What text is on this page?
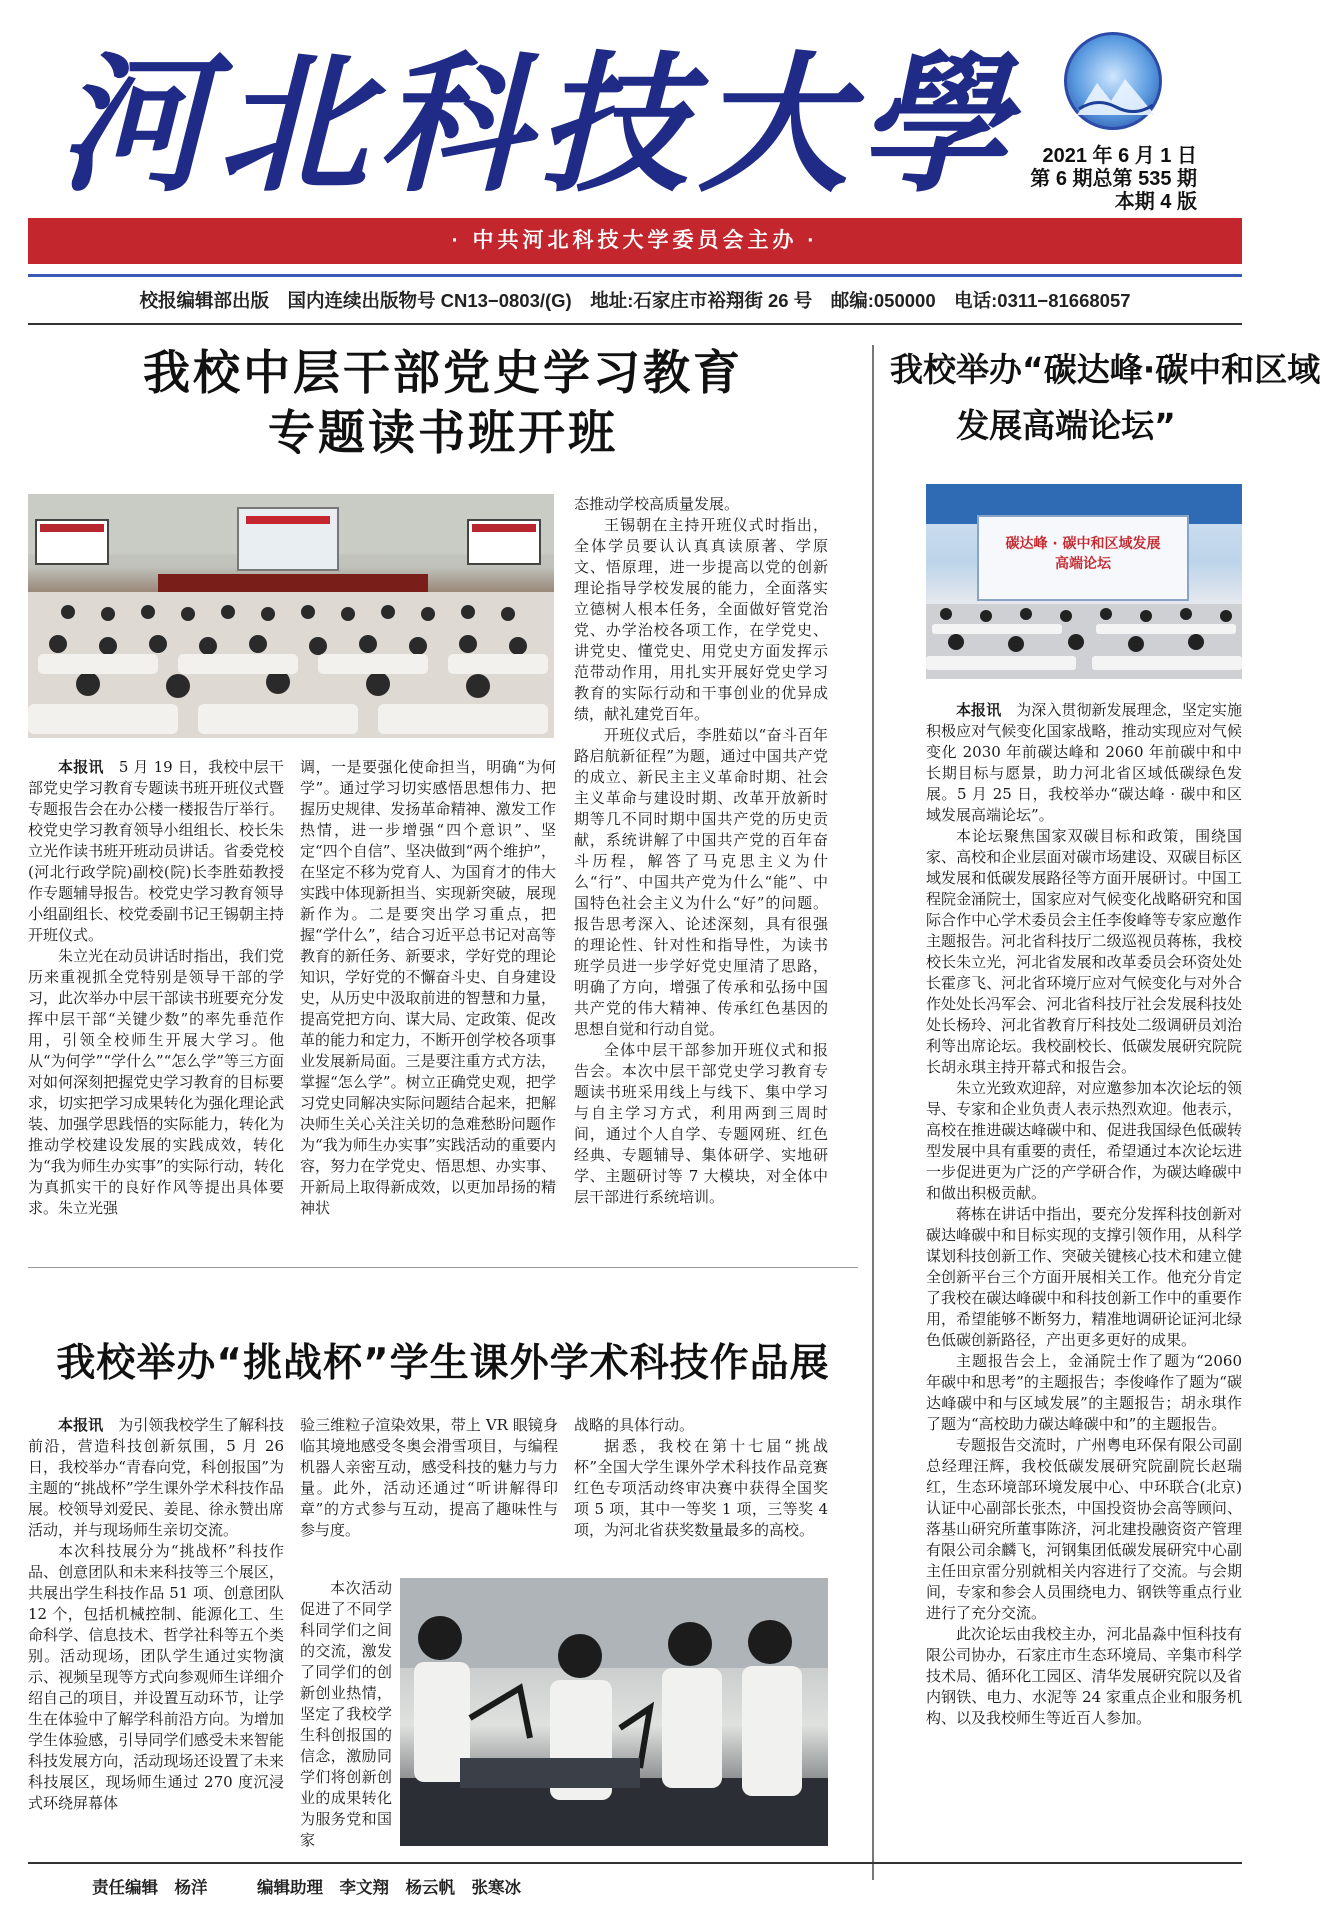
河北科技大學 2021 年 6 月 1 日
第 6 期总第 535 期
本期 4 版
· 中共河北科技大学委员会主办 ·
校报编辑部出版　国内连续出版物号 CN13−0803/(G)　地址:石家庄市裕翔街 26 号　邮编:050000　电话:0311−81668057
我校中层干部党史学习教育
专题读书班开班
本报讯　 5 月 19 日，我校中层干部党史学习教育专题读书班开班仪式暨专题报告会在办公楼一楼报告厅举行。校党史学习教育领导小组组长、校长朱立光作读书班开班动员讲话。省委党校(河北行政学院)副校(院)长李胜茹教授作专题辅导报告。校党史学习教育领导小组副组长、校党委副书记王锡朝主持开班仪式。
朱立光在动员讲话时指出，我们党历来重视抓全党特别是领导干部的学习，此次举办中层干部读书班要充分发挥中层干部“关键少数”的率先垂范作用，引领全校师生开展大学习。他从“为何学”“学什么”“怎么学”等三方面对如何深刻把握党史学习教育的目标要求，切实把学习成果转化为强化理论武装、加强学思践悟的实际能力，转化为推动学校建设发展的实践成效，转化为“我为师生办实事”的实际行动，转化为真抓实干的良好作风等提出具体要求。朱立光强
调，一是要强化使命担当，明确“为何学”。通过学习切实感悟思想伟力、把握历史规律、发扬革命精神、激发工作热情，进一步增强“四个意识”、坚定“四个自信”、坚决做到“两个维护”，在坚定不移为党育人、为国育才的伟大实践中体现新担当、实现新突破，展现新作为。二是要突出学习重点，把握“学什么”，结合习近平总书记对高等教育的新任务、新要求，学好党的理论知识，学好党的不懈奋斗史、自身建设史，从历史中汲取前进的智慧和力量，提高党把方向、谋大局、定政策、促改革的能力和定力，不断开创学校各项事业发展新局面。三是要注重方式方法，掌握“怎么学”。树立正确党史观，把学习党史同解决实际问题结合起来，把解决师生关心关注关切的急难愁盼问题作为“我为师生办实事”实践活动的重要内容，努力在学党史、悟思想、办实事、开新局上取得新成效，以更加昂扬的精神状
态推动学校高质量发展。
王锡朝在主持开班仪式时指出，全体学员要认认真真读原著、学原文、悟原理，进一步提高以党的创新理论指导学校发展的能力，全面落实立德树人根本任务，全面做好管党治党、办学治校各项工作，在学党史、讲党史、懂党史、用党史方面发挥示范带动作用，用扎实开展好党史学习教育的实际行动和干事创业的优异成绩，献礼建党百年。
开班仪式后，李胜茹以“奋斗百年路启航新征程”为题，通过中国共产党的成立、新民主主义革命时期、社会主义革命与建设时期、改革开放新时期等几不同时期中国共产党的历史贡献，系统讲解了中国共产党的百年奋斗历程，解答了马克思主义为什么“行”、中国共产党为什么“能”、中国特色社会主义为什么“好”的问题。报告思考深入、论述深刻，具有很强的理论性、针对性和指导性，为读书班学员进一步学好党史厘清了思路，明确了方向，增强了传承和弘扬中国共产党的伟大精神、传承红色基因的思想自觉和行动自觉。
全体中层干部参加开班仪式和报告会。本次中层干部党史学习教育专题读书班采用线上与线下、集中学习与自主学习方式，利用两到三周时间，通过个人自学、专题网班、红色经典、专题辅导、集体研学、实地研学、主题研讨等 7 大模块，对全体中层干部进行系统培训。
我校举办“挑战杯”学生课外学术科技作品展
本报讯　 为引领我校学生了解科技前沿，营造科技创新氛围，5 月 26 日，我校举办“青春向党，科创报国”为主题的“挑战杯”学生课外学术科技作品展。校领导刘爱民、姜昆、徐永赞出席活动，并与现场师生亲切交流。
本次科技展分为“挑战杯”科技作品、创意团队和未来科技等三个展区，共展出学生科技作品 51 项、创意团队 12 个，包括机械控制、能源化工、生命科学、信息技术、哲学社科等五个类别。活动现场，团队学生通过实物演示、视频呈现等方式向参观师生详细介绍自己的项目，并设置互动环节，让学生在体验中了解学科前沿方向。为增加学生体验感，引导同学们感受未来智能科技发展方向，活动现场还设置了未来科技展区，现场师生通过 270 度沉浸式环绕屏幕体
验三维粒子渲染效果，带上 VR 眼镜身临其境地感受冬奥会滑雪项目，与编程机器人亲密互动，感受科技的魅力与力量。此外，活动还通过“听讲解得印章”的方式参与互动，提高了趣味性与参与度。
本次活动促进了不同学科同学们之间的交流，激发了同学们的创新创业热情，坚定了我校学生科创报国的信念，激励同学们将创新创业的成果转化为服务党和国家
战略的具体行动。
据悉，我校在第十七届“挑战杯”全国大学生课外学术科技作品竞赛红色专项活动终审决赛中获得全国奖项 5 项，其中一等奖 1 项，三等奖 4 项，为河北省获奖数量最多的高校。
我校举办“碳达峰·碳中和区域
发展高端论坛”
碳达峰 · 碳中和区域发展
高端论坛
本报讯　 为深入贯彻新发展理念，坚定实施积极应对气候变化国家战略，推动实现应对气候变化 2030 年前碳达峰和 2060 年前碳中和中长期目标与愿景，助力河北省区域低碳绿色发展。5 月 25 日，我校举办“碳达峰 · 碳中和区域发展高端论坛”。
本论坛聚焦国家双碳目标和政策，围绕国家、高校和企业层面对碳市场建设、双碳目标区域发展和低碳发展路径等方面开展研讨。中国工程院金涌院士，国家应对气候变化战略研究和国际合作中心学术委员会主任李俊峰等专家应邀作主题报告。河北省科技厅二级巡视员蒋栋，我校校长朱立光，河北省发展和改革委员会环资处处长霍彦飞、河北省环境厅应对气候变化与对外合作处处长冯军会、河北省科技厅社会发展科技处处长杨玲、河北省教育厅科技处二级调研员刘治利等出席论坛。我校副校长、低碳发展研究院院长胡永琪主持开幕式和报告会。
朱立光致欢迎辞，对应邀参加本次论坛的领导、专家和企业负责人表示热烈欢迎。他表示，高校在推进碳达峰碳中和、促进我国绿色低碳转型发展中具有重要的责任，希望通过本次论坛进一步促进更为广泛的产学研合作，为碳达峰碳中和做出积极贡献。
蒋栋在讲话中指出，要充分发挥科技创新对碳达峰碳中和目标实现的支撑引领作用，从科学谋划科技创新工作、突破关键核心技术和建立健全创新平台三个方面开展相关工作。他充分肯定了我校在碳达峰碳中和科技创新工作中的重要作用，希望能够不断努力，精准地调研论证河北绿色低碳创新路径，产出更多更好的成果。
主题报告会上，金涌院士作了题为“2060 年碳中和思考”的主题报告；李俊峰作了题为“碳达峰碳中和与区域发展”的主题报告；胡永琪作了题为“高校助力碳达峰碳中和”的主题报告。
专题报告交流时，广州粤电环保有限公司副总经理汪辉，我校低碳发展研究院副院长赵瑞红，生态环境部环境发展中心、中环联合(北京)认证中心副部长张杰，中国投资协会高等顾问、落基山研究所董事陈济，河北建投融资资产管理有限公司余麟飞，河钢集团低碳发展研究中心副主任田京雷分别就相关内容进行了交流。与会期间，专家和参会人员围绕电力、钢铁等重点行业进行了充分交流。
此次论坛由我校主办，河北晶淼中恒科技有限公司协办，石家庄市生态环境局、辛集市科学技术局、循环化工园区、清华发展研究院以及省内钢铁、电力、水泥等 24 家重点企业和服务机构、以及我校师生等近百人参加。
责任编辑　杨洋　　　编辑助理　李文翔　杨云帆　张寒冰
